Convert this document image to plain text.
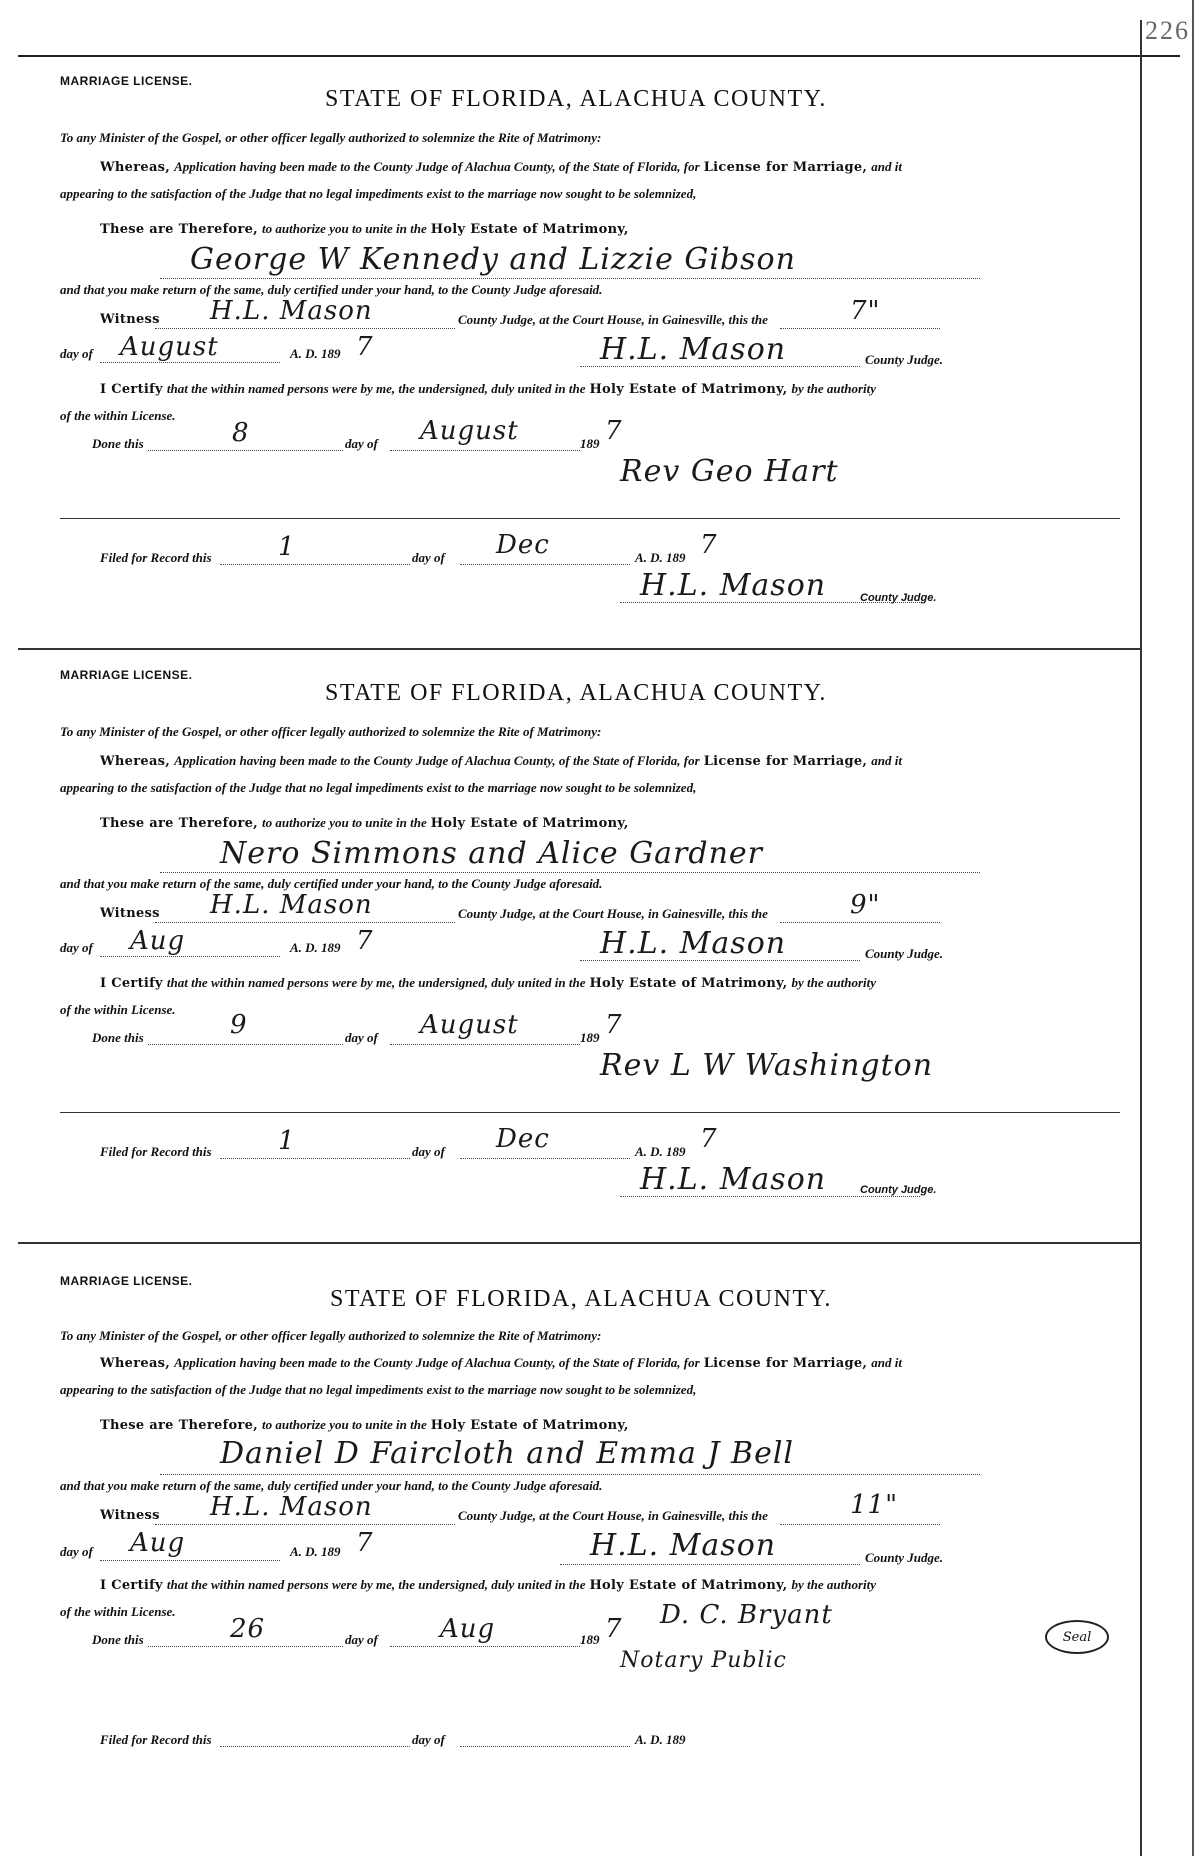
226
MARRIAGE LICENSE.
STATE OF FLORIDA, ALACHUA COUNTY.
To any Minister of the Gospel, or other officer legally authorized to solemnize the Rite of Matrimony:
Whereas, Application having been made to the County Judge of Alachua County, of the State of Florida, for License for Marriage, and it
appearing to the satisfaction of the Judge that no legal impediments exist to the marriage now sought to be solemnized,
These are Therefore, to authorize you to unite in the Holy Estate of Matrimony,
George W Kennedy and Lizzie Gibson
and that you make return of the same, duly certified under your hand, to the County Judge aforesaid.
Witness H.L. Mason	County Judge, at the Court House, in Gainesville, this the	7"
day of August	A. D. 189 7	H.L. Mason	County Judge.
I Certify that the within named persons were by me, the undersigned, duly united in the Holy Estate of Matrimony, by the authority
of the within License.
Done this	8	day of August	189 7
Rev Geo Hart
Filed for Record this	1	day of Dec	A. D. 189 7
H.L. Mason	County Judge.
MARRIAGE LICENSE.
STATE OF FLORIDA, ALACHUA COUNTY.
To any Minister of the Gospel, or other officer legally authorized to solemnize the Rite of Matrimony:
Whereas, Application having been made to the County Judge of Alachua County, of the State of Florida, for License for Marriage, and it
appearing to the satisfaction of the Judge that no legal impediments exist to the marriage now sought to be solemnized,
These are Therefore, to authorize you to unite in the Holy Estate of Matrimony,
Nero Simmons and Alice Gardner
and that you make return of the same, duly certified under your hand, to the County Judge aforesaid.
Witness H.L. Mason	County Judge, at the Court House, in Gainesville, this the	9"
day of Aug	A. D. 189 7	H.L. Mason	County Judge.
I Certify that the within named persons were by me, the undersigned, duly united in the Holy Estate of Matrimony, by the authority
of the within License.
Done this	9	day of August	189 7
Rev L W Washington
Filed for Record this	1	day of Dec	A. D. 189 7
H.L. Mason	County Judge.
MARRIAGE LICENSE.
STATE OF FLORIDA, ALACHUA COUNTY.
To any Minister of the Gospel, or other officer legally authorized to solemnize the Rite of Matrimony:
Whereas, Application having been made to the County Judge of Alachua County, of the State of Florida, for License for Marriage, and it
appearing to the satisfaction of the Judge that no legal impediments exist to the marriage now sought to be solemnized,
These are Therefore, to authorize you to unite in the Holy Estate of Matrimony,
Daniel D Faircloth and Emma J Bell
and that you make return of the same, duly certified under your hand, to the County Judge aforesaid.
Witness H.L. Mason	County Judge, at the Court House, in Gainesville, this the	11"
day of Aug	A. D. 189 7	H.L. Mason	County Judge.
I Certify that the within named persons were by me, the undersigned, duly united in the Holy Estate of Matrimony, by the authority
of the within License.
Done this	26	day of Aug	189 7 D. C. Bryant
Notary Public
Seal
Filed for Record this	day of	A. D. 189
